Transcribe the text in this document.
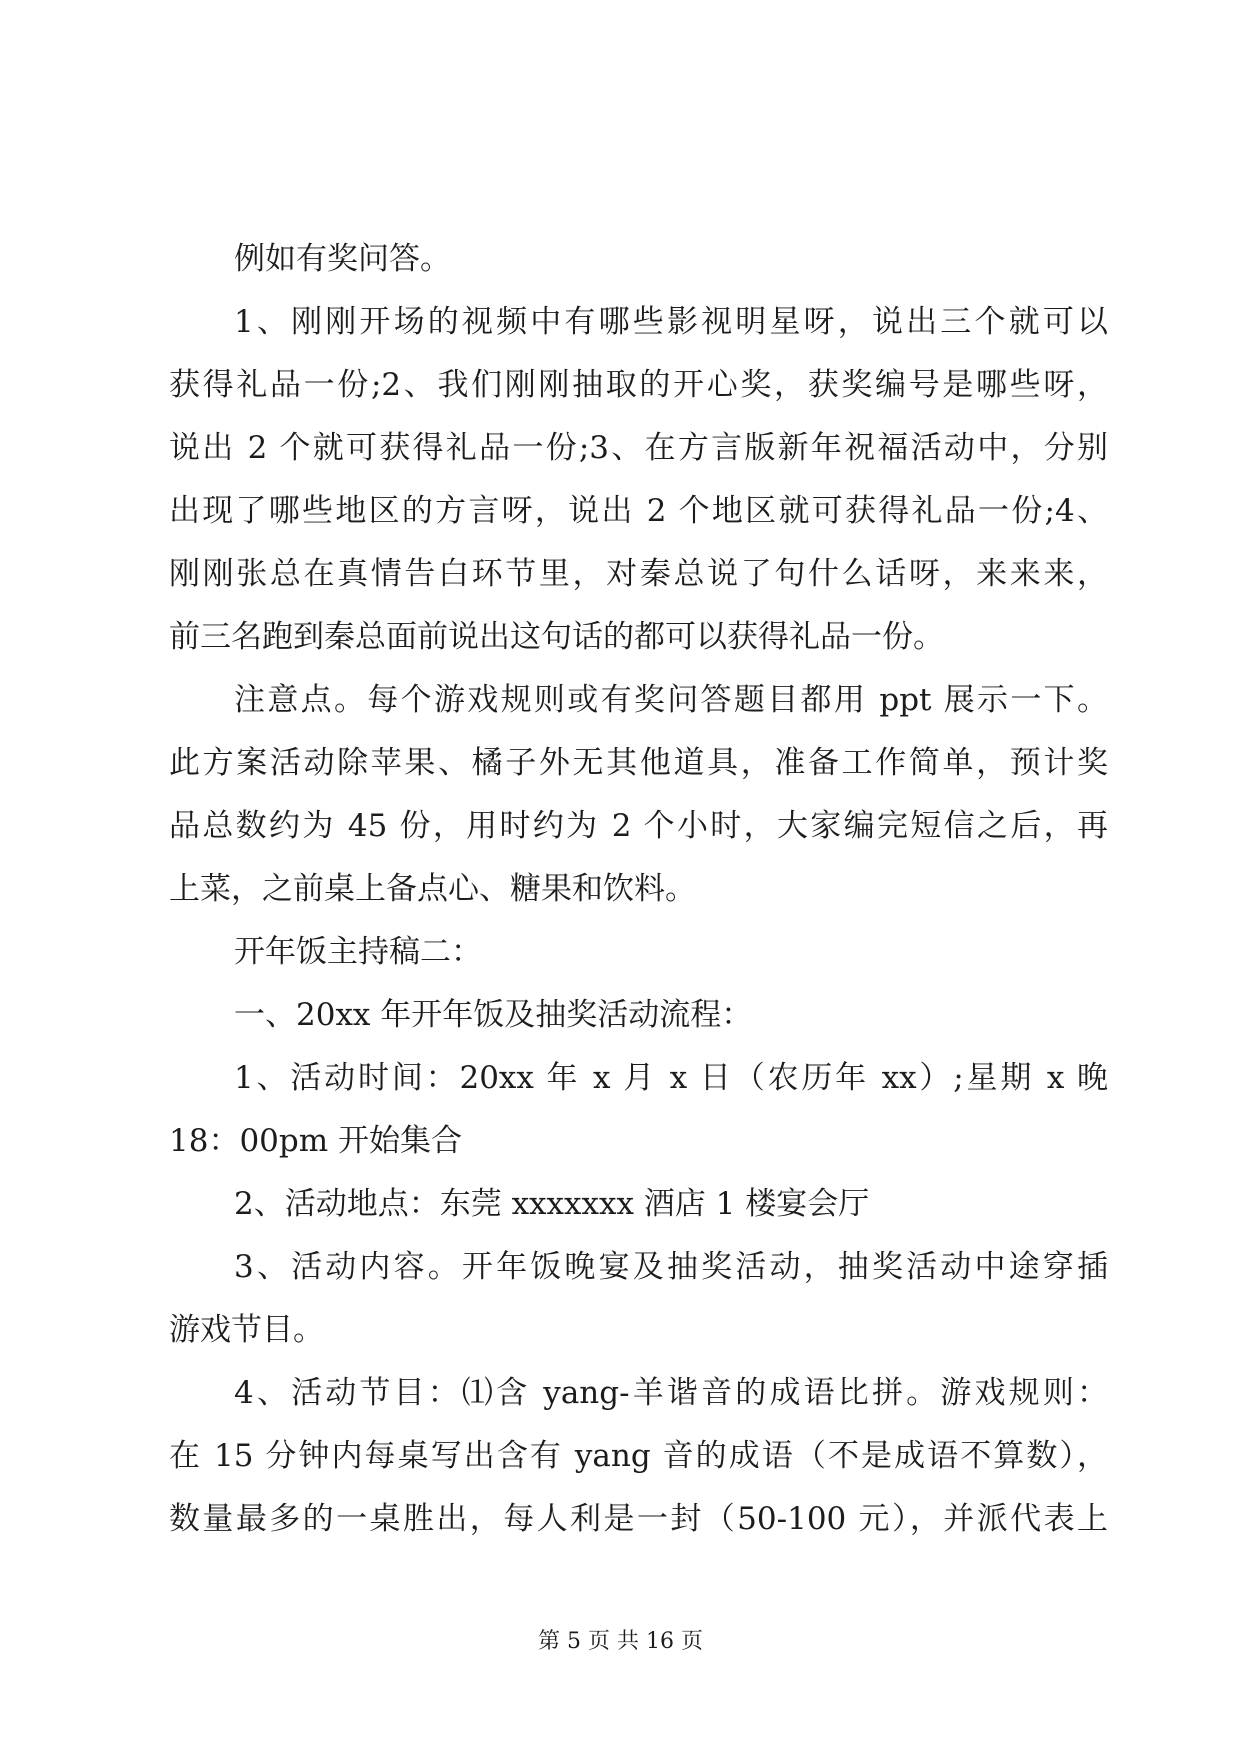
例如有奖问答。
1、刚刚开场的视频中有哪些影视明星呀，说出三个就可以
获得礼品一份;2、我们刚刚抽取的开心奖，获奖编号是哪些呀，
说出 2 个就可获得礼品一份;3、在方言版新年祝福活动中，分别
出现了哪些地区的方言呀，说出 2 个地区就可获得礼品一份;4、
刚刚张总在真情告白环节里，对秦总说了句什么话呀，来来来，
前三名跑到秦总面前说出这句话的都可以获得礼品一份。
注意点。每个游戏规则或有奖问答题目都用 ppt 展示一下。
此方案活动除苹果、橘子外无其他道具，准备工作简单，预计奖
品总数约为 45 份，用时约为 2 个小时，大家编完短信之后，再
上菜，之前桌上备点心、糖果和饮料。
开年饭主持稿二：
一、20xx 年开年饭及抽奖活动流程：
1、活动时间：20xx 年 x 月 x 日（农历年 xx）;星期 x 晚
18：00pm 开始集合
2、活动地点：东莞 xxxxxxx 酒店 1 楼宴会厅
3、活动内容。开年饭晚宴及抽奖活动，抽奖活动中途穿插
游戏节目。
4、活动节目：⑴含 yang-羊谐音的成语比拼。游戏规则：
在 15 分钟内每桌写出含有 yang 音的成语（不是成语不算数），
数量最多的一桌胜出，每人利是一封（50-100 元），并派代表上
第 5 页 共 16 页
